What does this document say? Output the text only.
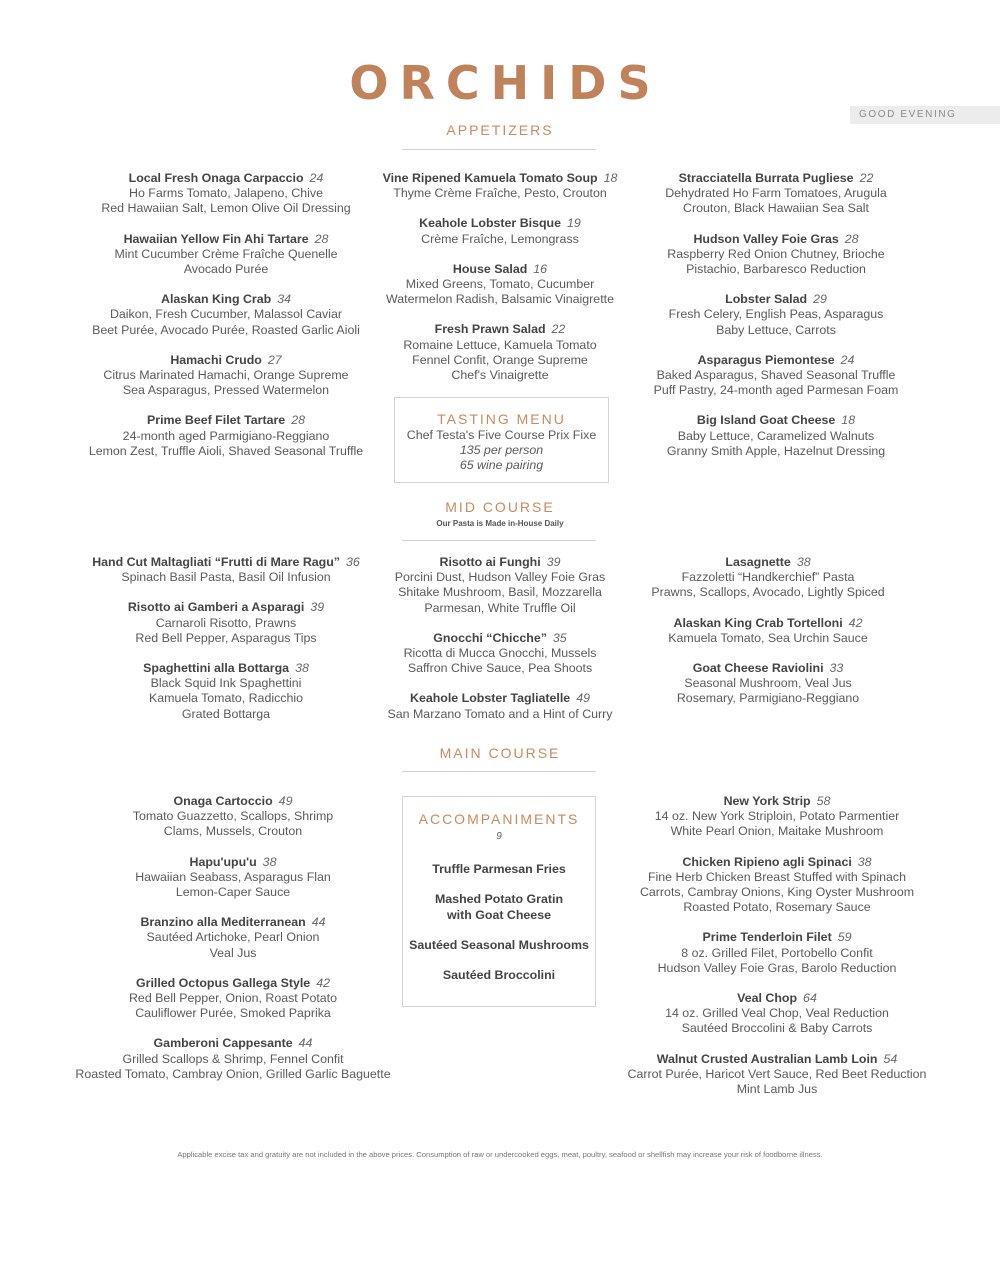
ORCHIDS
GOOD EVENING
APPETIZERS
Local Fresh Onaga Carpaccio 24
Ho Farms Tomato, Jalapeno, Chive
Red Hawaiian Salt, Lemon Olive Oil Dressing
Hawaiian Yellow Fin Ahi Tartare 28
Mint Cucumber Crème Fraîche Quenelle
Avocado Purée
Alaskan King Crab 34
Daikon, Fresh Cucumber, Malassol Caviar
Beet Purée, Avocado Purée, Roasted Garlic Aioli
Hamachi Crudo 27
Citrus Marinated Hamachi, Orange Supreme
Sea Asparagus, Pressed Watermelon
Prime Beef Filet Tartare 28
24-month aged Parmigiano-Reggiano
Lemon Zest, Truffle Aioli, Shaved Seasonal Truffle
Vine Ripened Kamuela Tomato Soup 18
Thyme Crème Fraîche, Pesto, Crouton
Keahole Lobster Bisque 19
Crème Fraîche, Lemongrass
House Salad 16
Mixed Greens, Tomato, Cucumber
Watermelon Radish, Balsamic Vinaigrette
Fresh Prawn Salad 22
Romaine Lettuce, Kamuela Tomato
Fennel Confit, Orange Supreme
Chef's Vinaigrette
Stracciatella Burrata Pugliese 22
Dehydrated Ho Farm Tomatoes, Arugula
Crouton, Black Hawaiian Sea Salt
Hudson Valley Foie Gras 28
Raspberry Red Onion Chutney, Brioche
Pistachio, Barbaresco Reduction
Lobster Salad 29
Fresh Celery, English Peas, Asparagus
Baby Lettuce, Carrots
Asparagus Piemontese 24
Baked Asparagus, Shaved Seasonal Truffle
Puff Pastry, 24-month aged Parmesan Foam
Big Island Goat Cheese 18
Baby Lettuce, Caramelized Walnuts
Granny Smith Apple, Hazelnut Dressing
TASTING MENU
Chef Testa's Five Course Prix Fixe
135 per person
65 wine pairing
MID COURSE
Our Pasta is Made in-House Daily
Hand Cut Maltagliati “Frutti di Mare Ragu” 36
Spinach Basil Pasta, Basil Oil Infusion
Risotto ai Gamberi a Asparagi 39
Carnaroli Risotto, Prawns
Red Bell Pepper, Asparagus Tips
Spaghettini alla Bottarga 38
Black Squid Ink Spaghettini
Kamuela Tomato, Radicchio
Grated Bottarga
Risotto ai Funghi 39
Porcini Dust, Hudson Valley Foie Gras
Shitake Mushroom, Basil, Mozzarella
Parmesan, White Truffle Oil
Gnocchi “Chicche” 35
Ricotta di Mucca Gnocchi, Mussels
Saffron Chive Sauce, Pea Shoots
Keahole Lobster Tagliatelle 49
San Marzano Tomato and a Hint of Curry
Lasagnette 38
Fazzoletti “Handkerchief” Pasta
Prawns, Scallops, Avocado, Lightly Spiced
Alaskan King Crab Tortelloni 42
Kamuela Tomato, Sea Urchin Sauce
Goat Cheese Raviolini 33
Seasonal Mushroom, Veal Jus
Rosemary, Parmigiano-Reggiano
MAIN COURSE
Onaga Cartoccio 49
Tomato Guazzetto, Scallops, Shrimp
Clams, Mussels, Crouton
Hapu'upu'u 38
Hawaiian Seabass, Asparagus Flan
Lemon-Caper Sauce
Branzino alla Mediterranean 44
Sautéed Artichoke, Pearl Onion
Veal Jus
Grilled Octopus Gallega Style 42
Red Bell Pepper, Onion, Roast Potato
Cauliflower Purée, Smoked Paprika
Gamberoni Cappesante 44
Grilled Scallops & Shrimp, Fennel Confit
Roasted Tomato, Cambray Onion, Grilled Garlic Baguette
New York Strip 58
14 oz. New York Striploin, Potato Parmentier
White Pearl Onion, Maitake Mushroom
Chicken Ripieno agli Spinaci 38
Fine Herb Chicken Breast Stuffed with Spinach
Carrots, Cambray Onions, King Oyster Mushroom
Roasted Potato, Rosemary Sauce
Prime Tenderloin Filet 59
8 oz. Grilled Filet, Portobello Confit
Hudson Valley Foie Gras, Barolo Reduction
Veal Chop 64
14 oz. Grilled Veal Chop, Veal Reduction
Sautéed Broccolini & Baby Carrots
Walnut Crusted Australian Lamb Loin 54
Carrot Purée, Haricot Vert Sauce, Red Beet Reduction
Mint Lamb Jus
ACCOMPANIMENTS
9
Truffle Parmesan Fries
Mashed Potato Gratin
with Goat Cheese
Sautéed Seasonal Mushrooms
Sautéed Broccolini
Applicable excise tax and gratuity are not included in the above prices. Consumption of raw or undercooked eggs, meat, poultry, seafood or shellfish may increase your risk of foodborne illness.
